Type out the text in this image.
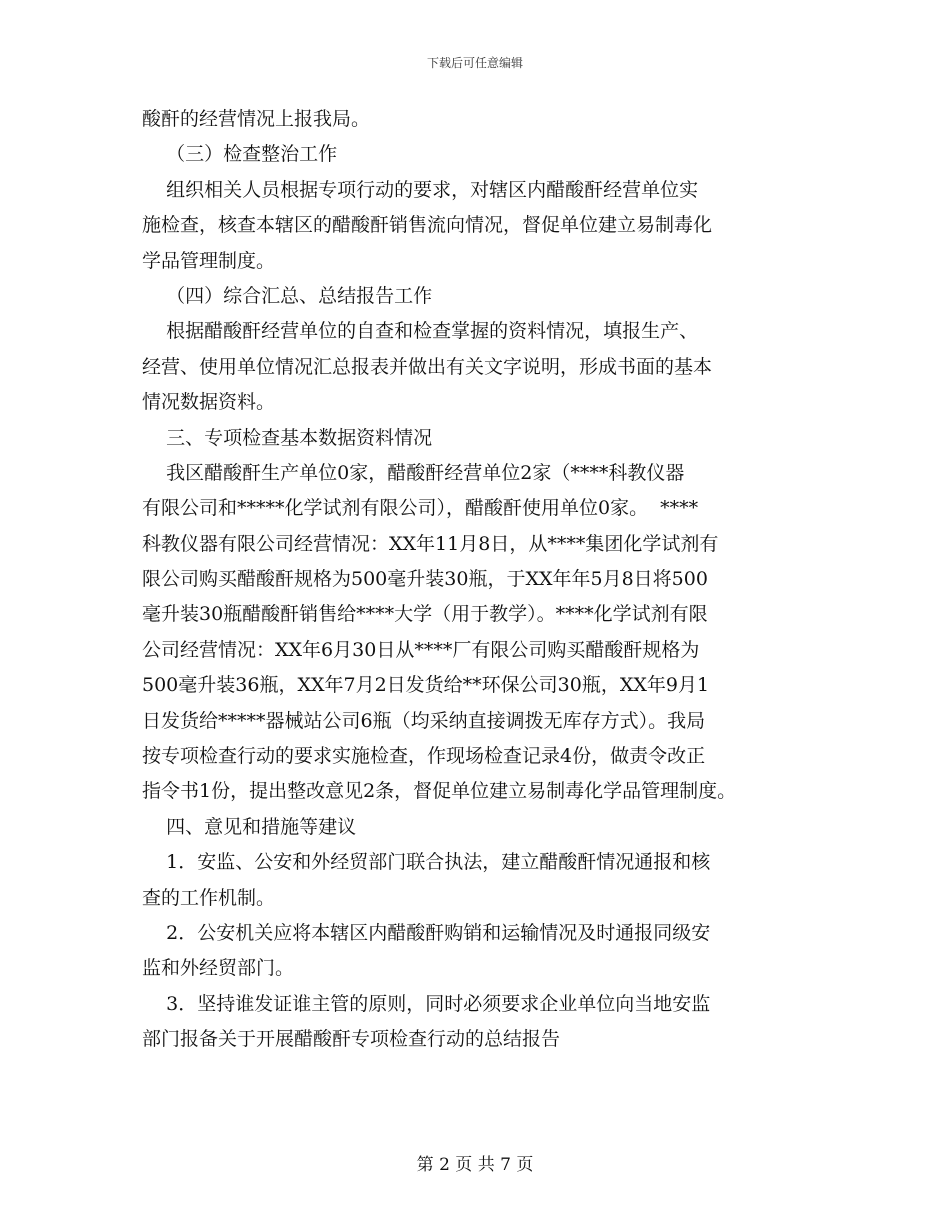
下载后可任意编辑
酸酐的经营情况上报我局。
（三）检查整治工作
组织相关人员根据专项行动的要求，对辖区内醋酸酐经营单位实
施检查，核查本辖区的醋酸酐销售流向情况，督促单位建立易制毒化
学品管理制度。
（四）综合汇总、总结报告工作
根据醋酸酐经营单位的自查和检查掌握的资料情况，填报生产、
经营、使用单位情况汇总报表并做出有关文字说明，形成书面的基本
情况数据资料。
三、专项检查基本数据资料情况
我区醋酸酐生产单位0家，醋酸酐经营单位2家（****科教仪器
有限公司和*****化学试剂有限公司），醋酸酐使用单位0家。  ****
科教仪器有限公司经营情况：XX年11月8日，从****集团化学试剂有
限公司购买醋酸酐规格为500毫升装30瓶，于XX年年5月8日将500
毫升装30瓶醋酸酐销售给****大学（用于教学）。****化学试剂有限
公司经营情况：XX年6月30日从****厂有限公司购买醋酸酐规格为
500毫升装36瓶，XX年7月2日发货给**环保公司30瓶，XX年9月1
日发货给*****器械站公司6瓶（均采纳直接调拨无库存方式）。我局
按专项检查行动的要求实施检查，作现场检查记录4份，做责令改正
指令书1份，提出整改意见2条，督促单位建立易制毒化学品管理制度。
四、意见和措施等建议
1．安监、公安和外经贸部门联合执法，建立醋酸酐情况通报和核
查的工作机制。
2．公安机关应将本辖区内醋酸酐购销和运输情况及时通报同级安
监和外经贸部门。
3．坚持谁发证谁主管的原则，同时必须要求企业单位向当地安监
部门报备关于开展醋酸酐专项检查行动的总结报告
第 2 页 共 7 页
